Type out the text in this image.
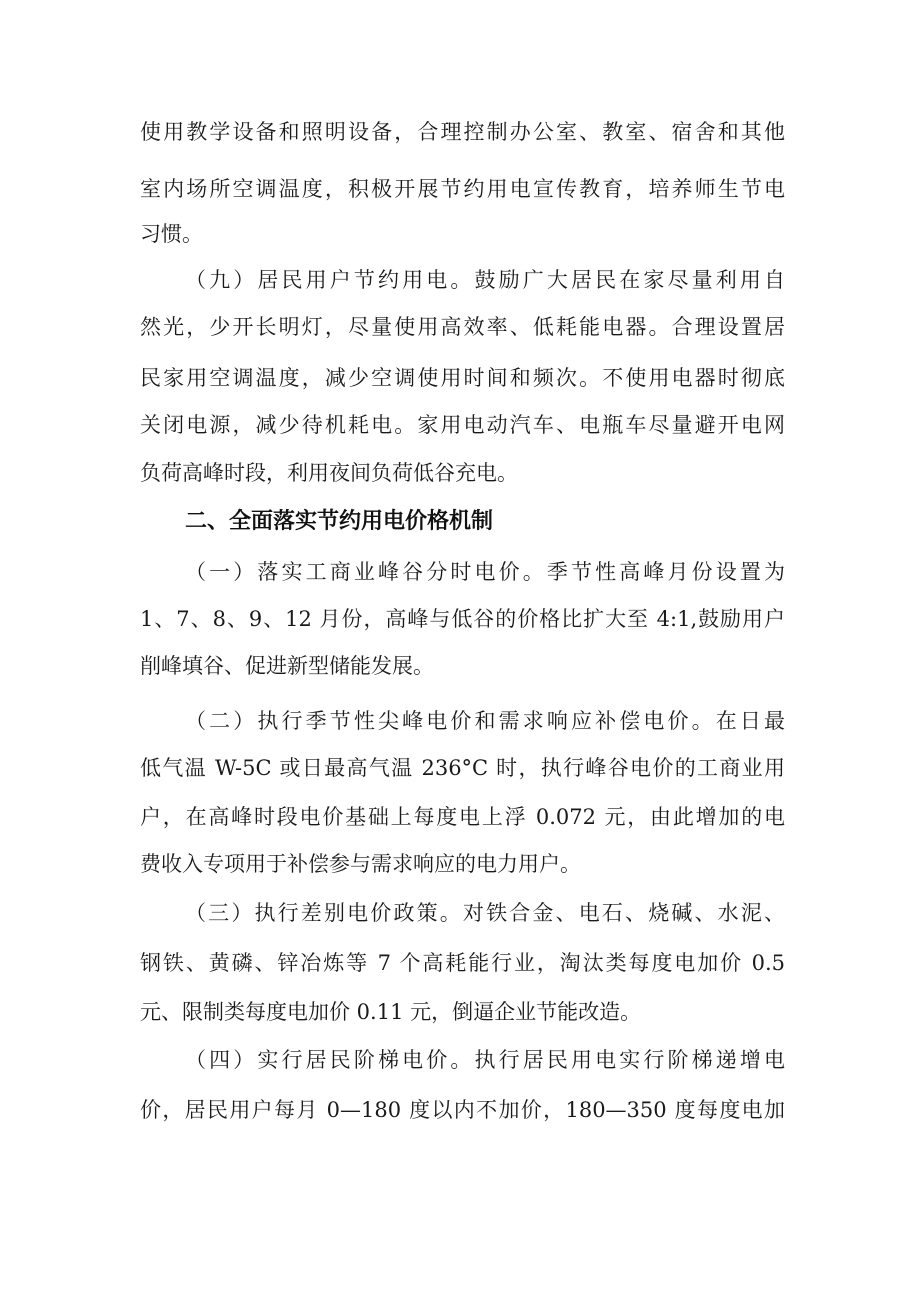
使用教学设备和照明设备，合理控制办公室、教室、宿舍和其他
室内场所空调温度，积极开展节约用电宣传教育，培养师生节电
习惯。
（九）居民用户节约用电。鼓励广大居民在家尽量利用自
然光，少开长明灯，尽量使用高效率、低耗能电器。合理设置居
民家用空调温度，减少空调使用时间和频次。不使用电器时彻底
关闭电源，减少待机耗电。家用电动汽车、电瓶车尽量避开电网
负荷高峰时段，利用夜间负荷低谷充电。
二、全面落实节约用电价格机制
（一）落实工商业峰谷分时电价。季节性高峰月份设置为
1、7、8、9、12 月份，高峰与低谷的价格比扩大至 4:1,鼓励用户
削峰填谷、促进新型储能发展。
（二）执行季节性尖峰电价和需求响应补偿电价。在日最
低气温 W-5C 或日最高气温 236°C 时，执行峰谷电价的工商业用
户，在高峰时段电价基础上每度电上浮 0.072 元，由此增加的电
费收入专项用于补偿参与需求响应的电力用户。
（三）执行差别电价政策。对铁合金、电石、烧碱、水泥、
钢铁、黄磷、锌冶炼等 7 个高耗能行业，淘汰类每度电加价 0.5
元、限制类每度电加价 0.11 元，倒逼企业节能改造。
（四）实行居民阶梯电价。执行居民用电实行阶梯递增电
价，居民用户每月 0—180 度以内不加价，180—350 度每度电加
